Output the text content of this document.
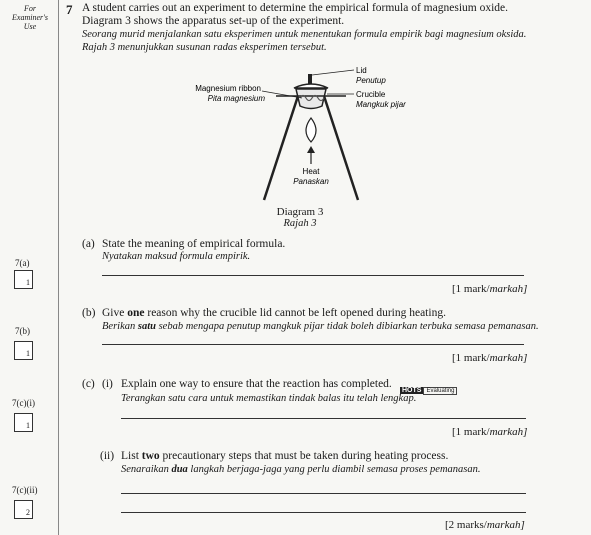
For
Examiner's
Use
7 A student carries out an experiment to determine the empirical formula of magnesium oxide.
Diagram 3 shows the apparatus set-up of the experiment.
Seorang murid menjalankan satu eksperimen untuk menentukan formula empirik bagi magnesium oksida.
Rajah 3 menunjukkan susunan radas eksperimen tersebut.
Lid
Penutup
Crucible
Mangkuk pijar
Magnesium ribbon
Pita magnesium
Heat
Panaskan
Diagram 3
Rajah 3
(a) State the meaning of empirical formula.
Nyatakan maksud formula empirik.
7(a)
1
[1 mark/markah]
(b) Give one reason why the crucible lid cannot be left opened during heating.
Berikan satu sebab mengapa penutup mangkuk pijar tidak boleh dibiarkan terbuka semasa pemanasan.
7(b)
1	[1 mark/markah]
(c) (i) Explain one way to ensure that the reaction has completed.
HOTS Evaluating
Terangkan satu cara untuk memastikan tindak balas itu telah lengkap.
7(c)(i)
1
[1 mark/markah]
(ii) List two precautionary steps that must be taken during heating process.
Senaraikan dua langkah berjaga-jaga yang perlu diambil semasa proses pemanasan.
7(c)(ii)
2
[2 marks/markah]
